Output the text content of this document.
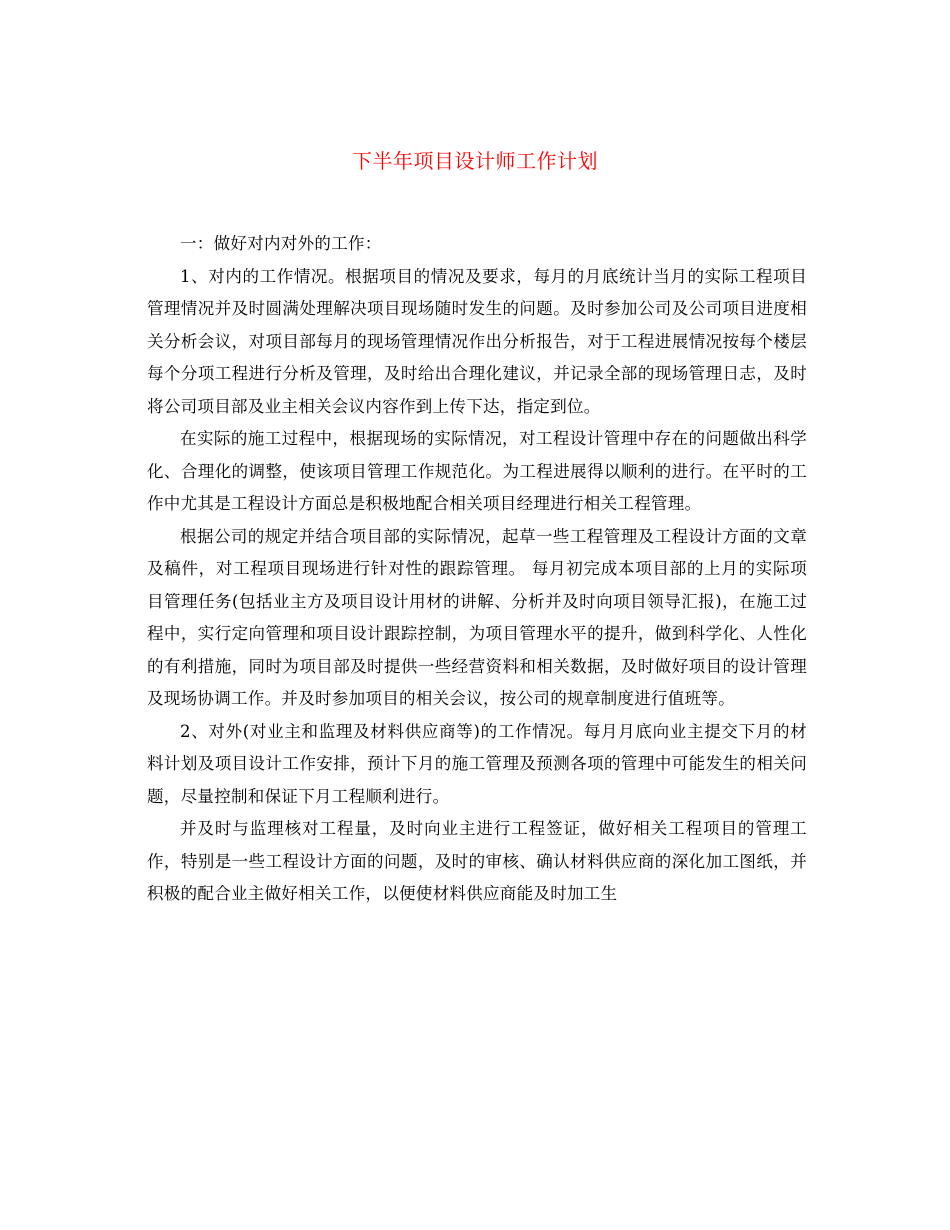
下半年项目设计师工作计划

一：做好对内对外的工作：

1、对内的工作情况。根据项目的情况及要求，每月的月底统计当月的实际工程项目管理情况并及时圆满处理解决项目现场随时发生的问题。及时参加公司及公司项目进度相关分析会议，对项目部每月的现场管理情况作出分析报告，对于工程进展情况按每个楼层每个分项工程进行分析及管理，及时给出合理化建议，并记录全部的现场管理日志，及时将公司项目部及业主相关会议内容作到上传下达，指定到位。

在实际的施工过程中，根据现场的实际情况，对工程设计管理中存在的问题做出科学化、合理化的调整，使该项目管理工作规范化。为工程进展得以顺利的进行。在平时的工作中尤其是工程设计方面总是积极地配合相关项目经理进行相关工程管理。

根据公司的规定并结合项目部的实际情况，起草一些工程管理及工程设计方面的文章及稿件，对工程项目现场进行针对性的跟踪管理。 每月初完成本项目部的上月的实际项目管理任务(包括业主方及项目设计用材的讲解、分析并及时向项目领导汇报)，在施工过程中，实行定向管理和项目设计跟踪控制，为项目管理水平的提升，做到科学化、人性化的有利措施，同时为项目部及时提供一些经营资料和相关数据，及时做好项目的设计管理及现场协调工作。并及时参加项目的相关会议，按公司的规章制度进行值班等。

2、对外(对业主和监理及材料供应商等)的工作情况。每月月底向业主提交下月的材料计划及项目设计工作安排，预计下月的施工管理及预测各项的管理中可能发生的相关问题，尽量控制和保证下月工程顺利进行。

并及时与监理核对工程量，及时向业主进行工程签证，做好相关工程项目的管理工作，特别是一些工程设计方面的问题，及时的审核、确认材料供应商的深化加工图纸，并积极的配合业主做好相关工作，以便使材料供应商能及时加工生
